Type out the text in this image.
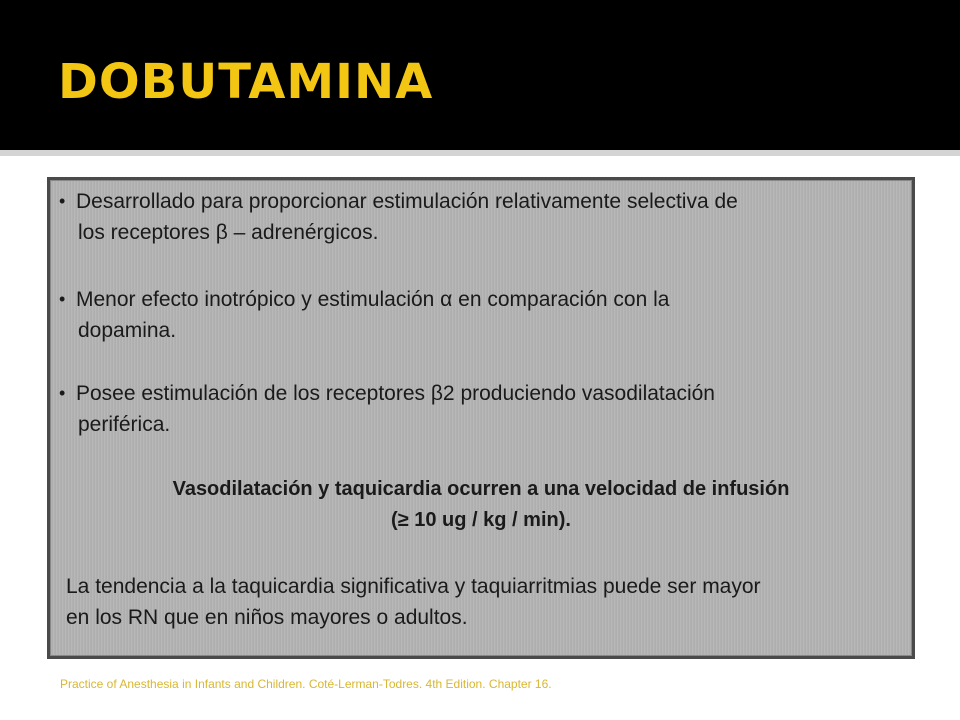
DOBUTAMINA

• Desarrollado para proporcionar estimulación relativamente selectiva de
los receptores β – adrenérgicos.

• Menor efecto inotrópico y estimulación α en comparación con la
dopamina.

• Posee estimulación de los receptores β2 produciendo vasodilatación
periférica.

Vasodilatación y taquicardia ocurren a una velocidad de infusión
(≥ 10 ug / kg / min).

La tendencia a la taquicardia significativa y taquiarritmias puede ser mayor
en los RN que en niños mayores o adultos.

Practice of Anesthesia in Infants and Children. Coté-Lerman-Todres. 4th Edition. Chapter 16.
